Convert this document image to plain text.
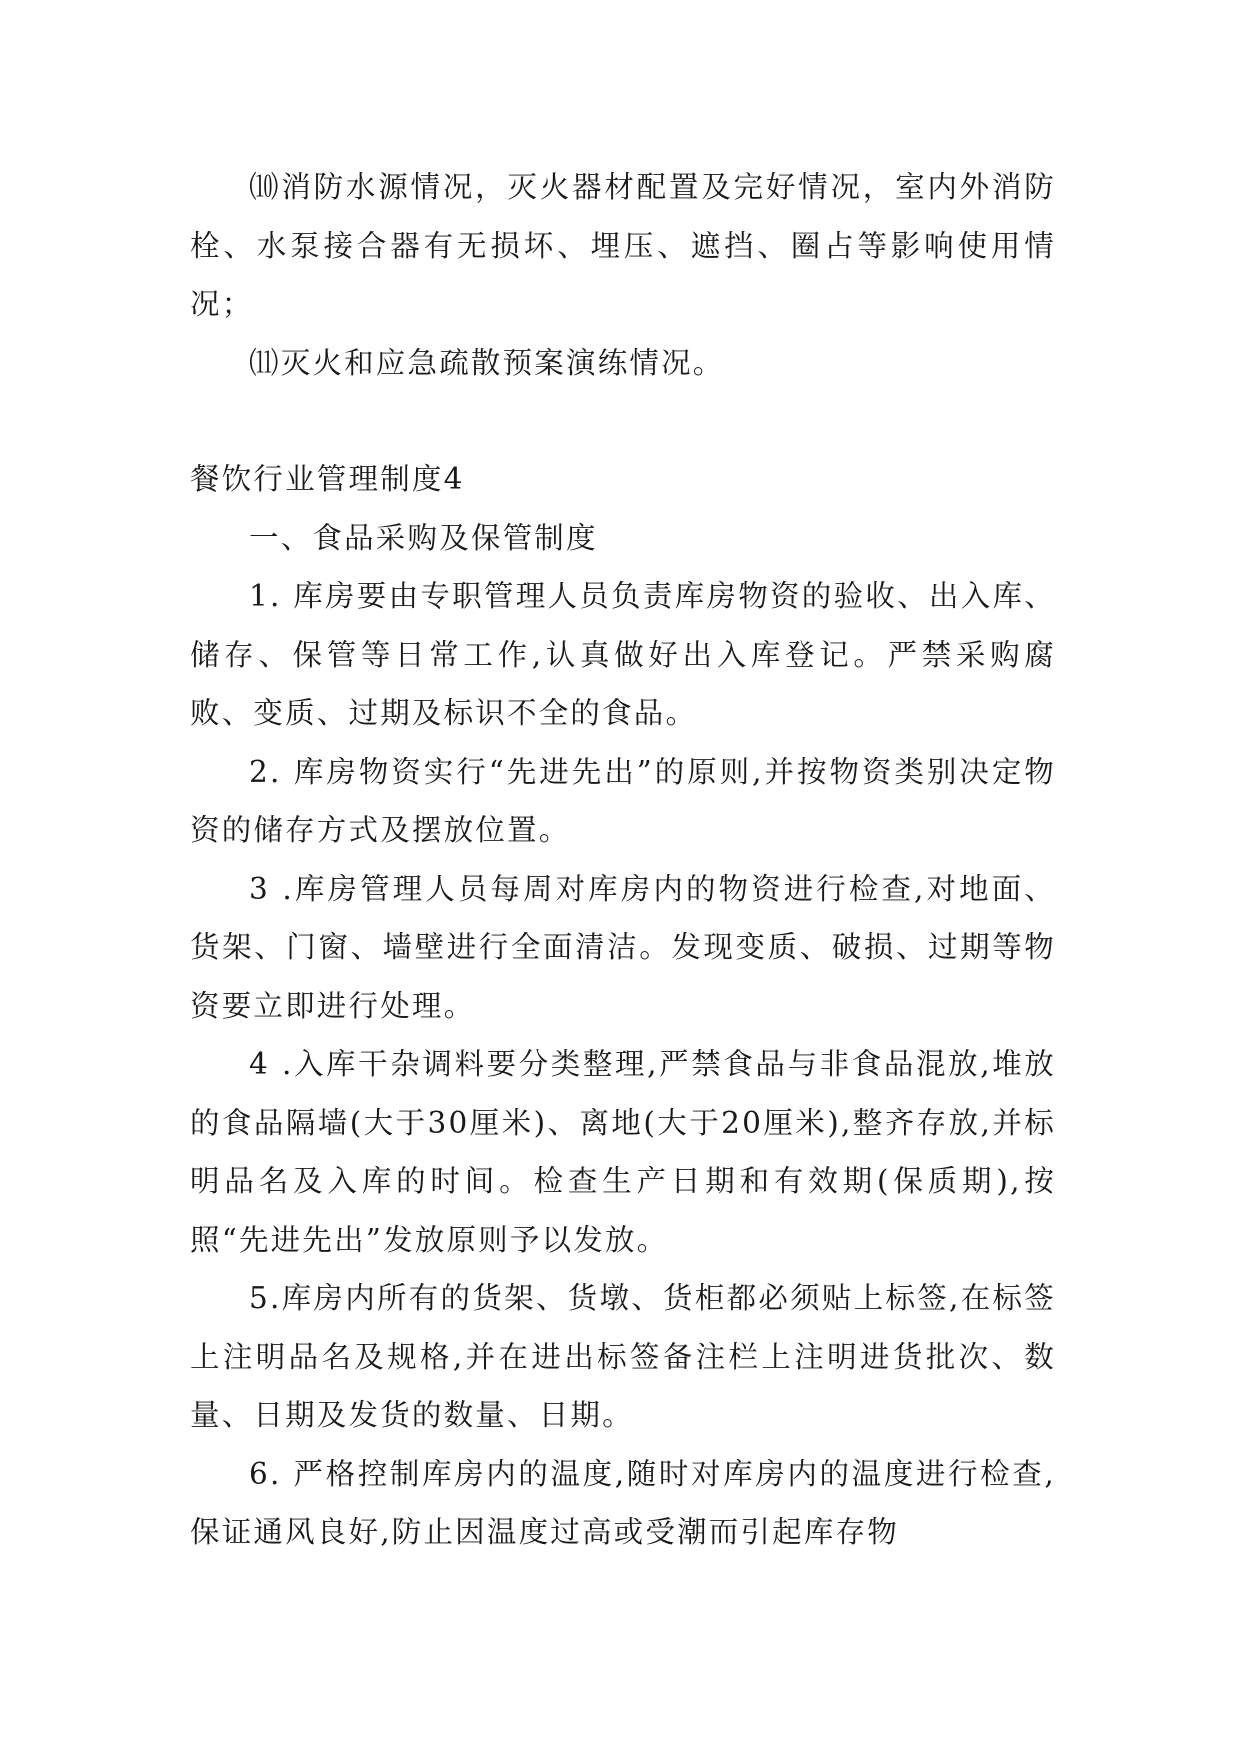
⑽消防水源情况，灭火器材配置及完好情况，室内外消防栓、水泵接合器有无损坏、埋压、遮挡、圈占等影响使用情况；

⑾灭火和应急疏散预案演练情况。

餐饮行业管理制度4

一、食品采购及保管制度

1. 库房要由专职管理人员负责库房物资的验收、出入库、储存、保管等日常工作,认真做好出入库登记。严禁采购腐败、变质、过期及标识不全的食品。

2. 库房物资实行“先进先出”的原则,并按物资类别决定物资的储存方式及摆放位置。

3 .库房管理人员每周对库房内的物资进行检查,对地面、货架、门窗、墙壁进行全面清洁。发现变质、破损、过期等物资要立即进行处理。

4 .入库干杂调料要分类整理,严禁食品与非食品混放,堆放的食品隔墙(大于30厘米)、离地(大于20厘米),整齐存放,并标明品名及入库的时间。检查生产日期和有效期(保质期),按照“先进先出”发放原则予以发放。

5.库房内所有的货架、货墩、货柜都必须贴上标签,在标签上注明品名及规格,并在进出标签备注栏上注明进货批次、数量、日期及发货的数量、日期。

6. 严格控制库房内的温度,随时对库房内的温度进行检查,保证通风良好,防止因温度过高或受潮而引起库存物
